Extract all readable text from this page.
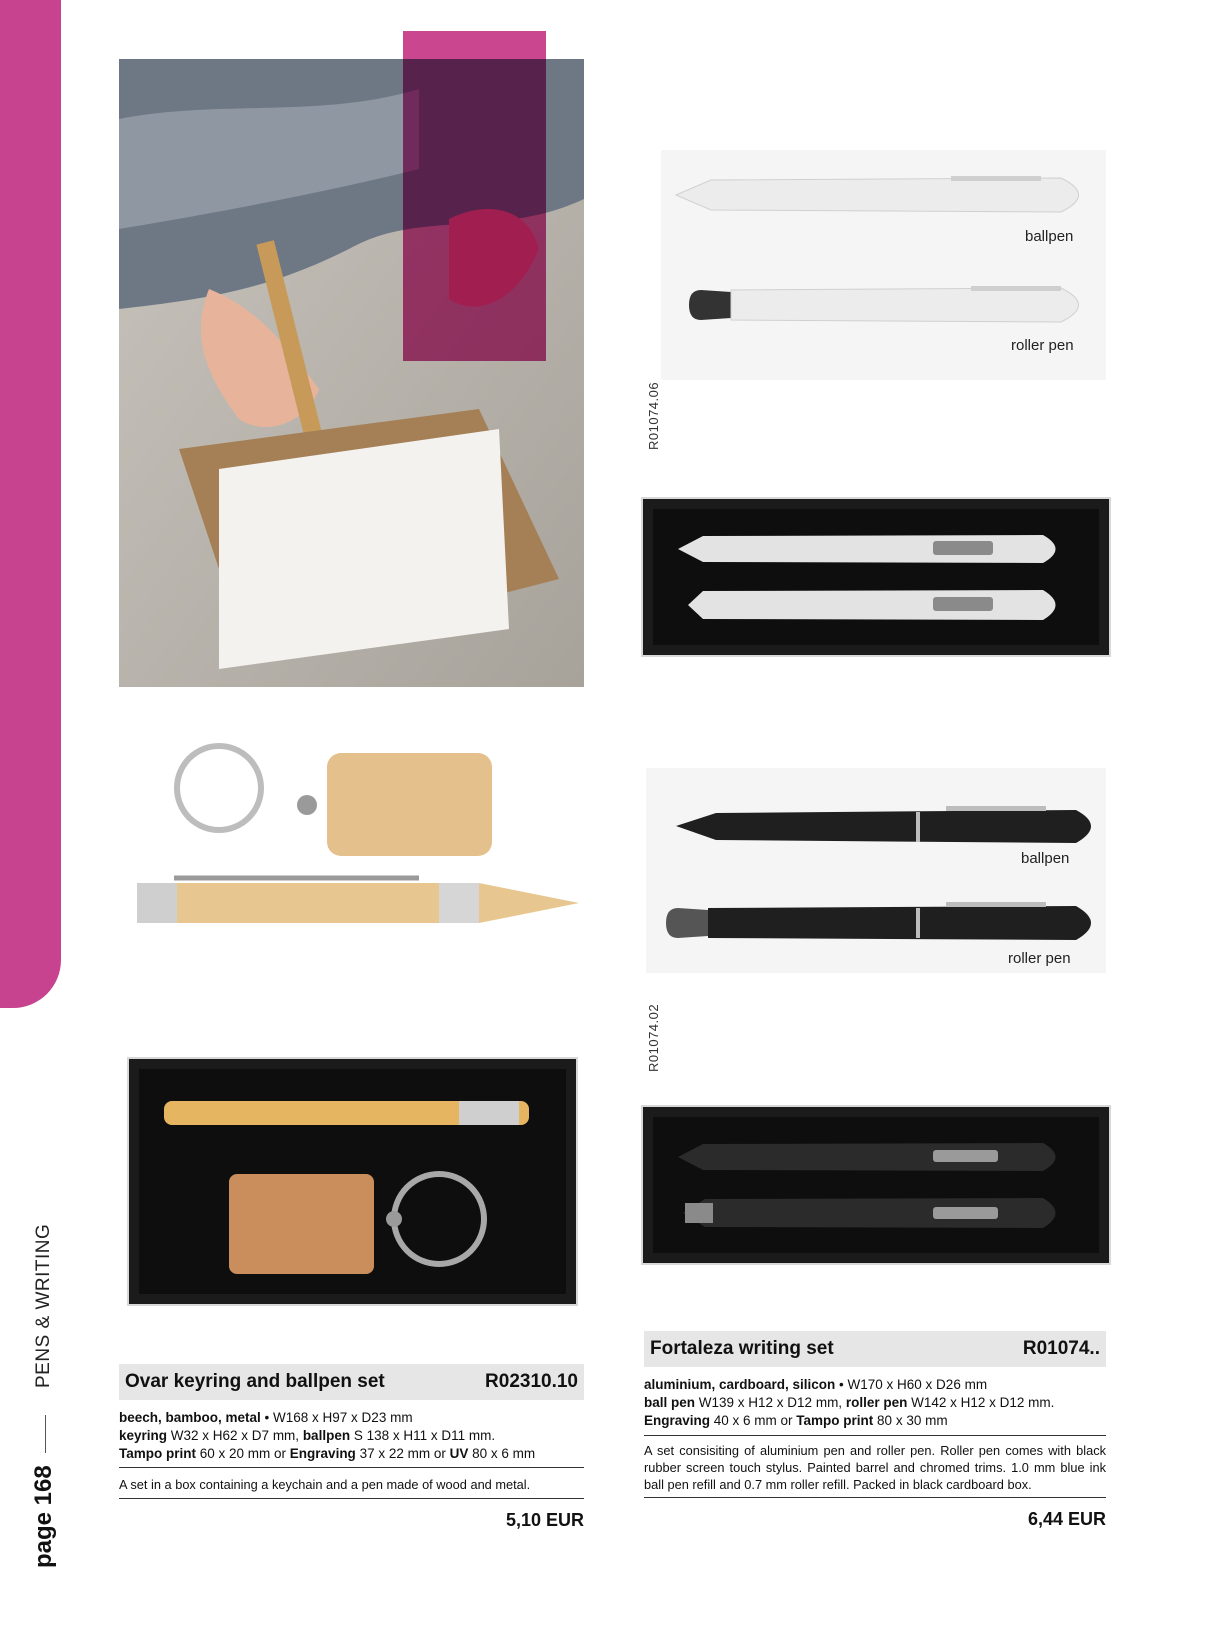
PENS & WRITING
page 168
ballpen
roller pen
R01074.06
ballpen
roller pen
R01074.02
Ovar keyring and ballpen set	R02310.10
beech, bamboo, metal • W168 x H97 x D23 mm
keyring W32 x H62 x D7 mm, ballpen S 138 x H11 x D11 mm.
Tampo print 60 x 20 mm or Engraving 37 x 22 mm or UV 80 x 6 mm
A set in a box containing a keychain and a pen made of wood and metal.
5,10 EUR
Fortaleza writing set	R01074..
aluminium, cardboard, silicon • W170 x H60 x D26 mm
ball pen W139 x H12 x D12 mm, roller pen W142 x H12 x D12 mm.
Engraving 40 x 6 mm or Tampo print 80 x 30 mm
A set consisiting of aluminium pen and roller pen. Roller pen comes with black rubber screen touch stylus. Painted barrel and chromed trims. 1.0 mm blue ink ball pen refill and 0.7 mm roller refill. Packed in black cardboard box.
6,44 EUR
